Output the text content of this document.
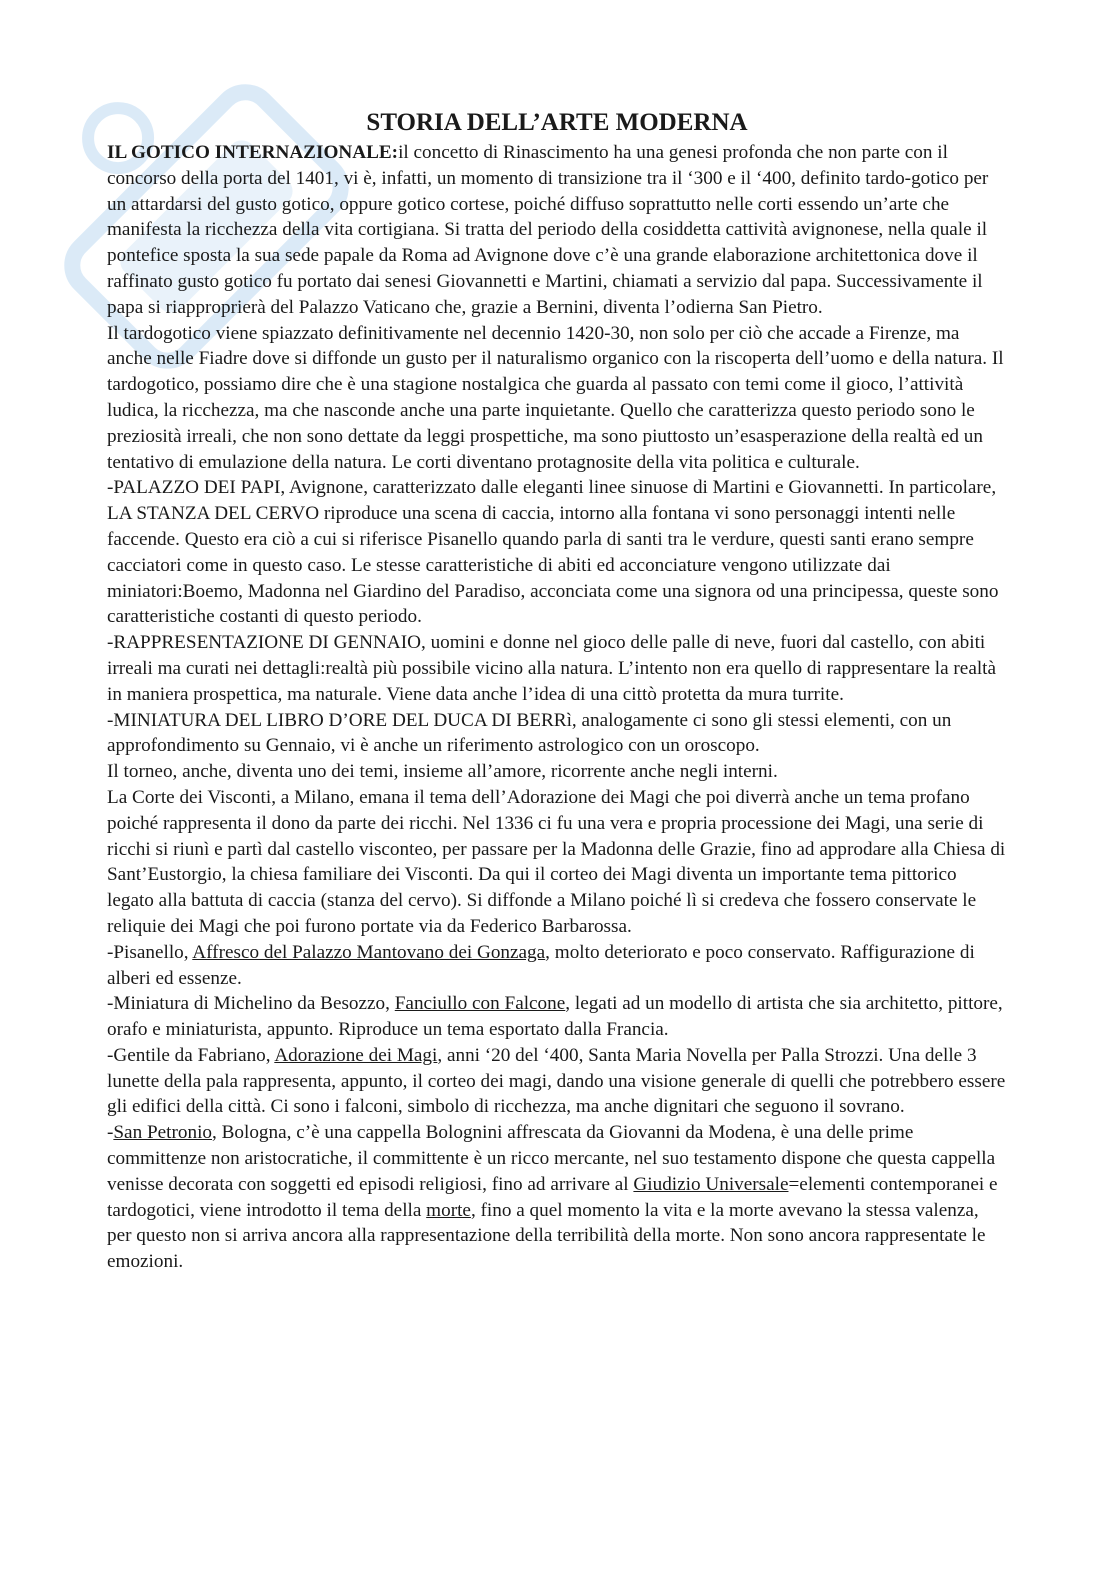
STORIA DELL’ARTE MODERNA

IL GOTICO INTERNAZIONALE:il concetto di Rinascimento ha una genesi profonda che non parte con il concorso della porta del 1401, vi è, infatti, un momento di transizione tra il ‘300 e il ‘400, definito tardo-gotico per un attardarsi del gusto gotico, oppure gotico cortese, poiché diffuso soprattutto nelle corti essendo un’arte che manifesta la ricchezza della vita cortigiana. Si tratta del periodo della cosiddetta cattività avignonese, nella quale il pontefice sposta la sua sede papale da Roma ad Avignone dove c’è una grande elaborazione architettonica dove il raffinato gusto gotico fu portato dai senesi Giovannetti e Martini, chiamati a servizio dal papa. Successivamente il papa si riapproprierà del Palazzo Vaticano che, grazie a Bernini, diventa l’odierna San Pietro.

Il tardogotico viene spiazzato definitivamente nel decennio 1420-30, non solo per ciò che accade a Firenze, ma anche nelle Fiadre dove si diffonde un gusto per il naturalismo organico con la riscoperta dell’uomo e della natura. Il tardogotico, possiamo dire che è una stagione nostalgica che guarda al passato con temi come il gioco, l’attività ludica, la ricchezza, ma che nasconde anche una parte inquietante. Quello che caratterizza questo periodo sono le preziosità irreali, che non sono dettate da leggi prospettiche, ma sono piuttosto un’esasperazione della realtà ed un tentativo di emulazione della natura. Le corti diventano protagnosite della vita politica e culturale.

-PALAZZO DEI PAPI, Avignone, caratterizzato dalle eleganti linee sinuose di Martini e Giovannetti. In particolare, LA STANZA DEL CERVO riproduce una scena di caccia, intorno alla fontana vi sono personaggi intenti nelle faccende. Questo era ciò a cui si riferisce Pisanello quando parla di santi tra le verdure, questi santi erano sempre cacciatori come in questo caso. Le stesse caratteristiche di abiti ed acconciature vengono utilizzate dai miniatori:Boemo, Madonna nel Giardino del Paradiso, acconciata come una signora od una principessa, queste sono caratteristiche costanti di questo periodo.

-RAPPRESENTAZIONE DI GENNAIO, uomini e donne nel gioco delle palle di neve, fuori dal castello, con abiti irreali ma curati nei dettagli:realtà più possibile vicino alla natura. L’intento non era quello di rappresentare la realtà in maniera prospettica, ma naturale. Viene data anche l’idea di una cittò protetta da mura turrite.

-MINIATURA DEL LIBRO D’ORE DEL DUCA DI BERRì, analogamente ci sono gli stessi elementi, con un approfondimento su Gennaio, vi è anche un riferimento astrologico con un oroscopo.

Il torneo, anche, diventa uno dei temi, insieme all’amore, ricorrente anche negli interni.

La Corte dei Visconti, a Milano, emana il tema dell’Adorazione dei Magi che poi diverrà anche un tema profano poiché rappresenta il dono da parte dei ricchi. Nel 1336 ci fu una vera e propria processione dei Magi, una serie di ricchi si riunì e partì dal castello visconteo, per passare per la Madonna delle Grazie, fino ad approdare alla Chiesa di Sant’Eustorgio, la chiesa familiare dei Visconti. Da qui il corteo dei Magi diventa un importante tema pittorico legato alla battuta di caccia (stanza del cervo). Si diffonde a Milano poiché lì si credeva che fossero conservate le reliquie dei Magi che poi furono portate via da Federico Barbarossa.

-Pisanello, Affresco del Palazzo Mantovano dei Gonzaga, molto deteriorato e poco conservato. Raffigurazione di alberi ed essenze.

-Miniatura di Michelino da Besozzo, Fanciullo con Falcone, legati ad un modello di artista che sia architetto, pittore, orafo e miniaturista, appunto. Riproduce un tema esportato dalla Francia.

-Gentile da Fabriano, Adorazione dei Magi, anni ‘20 del ‘400, Santa Maria Novella per Palla Strozzi. Una delle 3 lunette della pala rappresenta, appunto, il corteo dei magi, dando una visione generale di quelli che potrebbero essere gli edifici della città. Ci sono i falconi, simbolo di ricchezza, ma anche dignitari che seguono il sovrano.

-San Petronio, Bologna, c’è una cappella Bolognini affrescata da Giovanni da Modena, è una delle prime committenze non aristocratiche, il committente è un ricco mercante, nel suo testamento dispone che questa cappella venisse decorata con soggetti ed episodi religiosi, fino ad arrivare al Giudizio Universale=elementi contemporanei e tardogotici, viene introdotto il tema della morte, fino a quel momento la vita e la morte avevano la stessa valenza, per questo non si arriva ancora alla rappresentazione della terribilità della morte. Non sono ancora rappresentate le emozioni.
